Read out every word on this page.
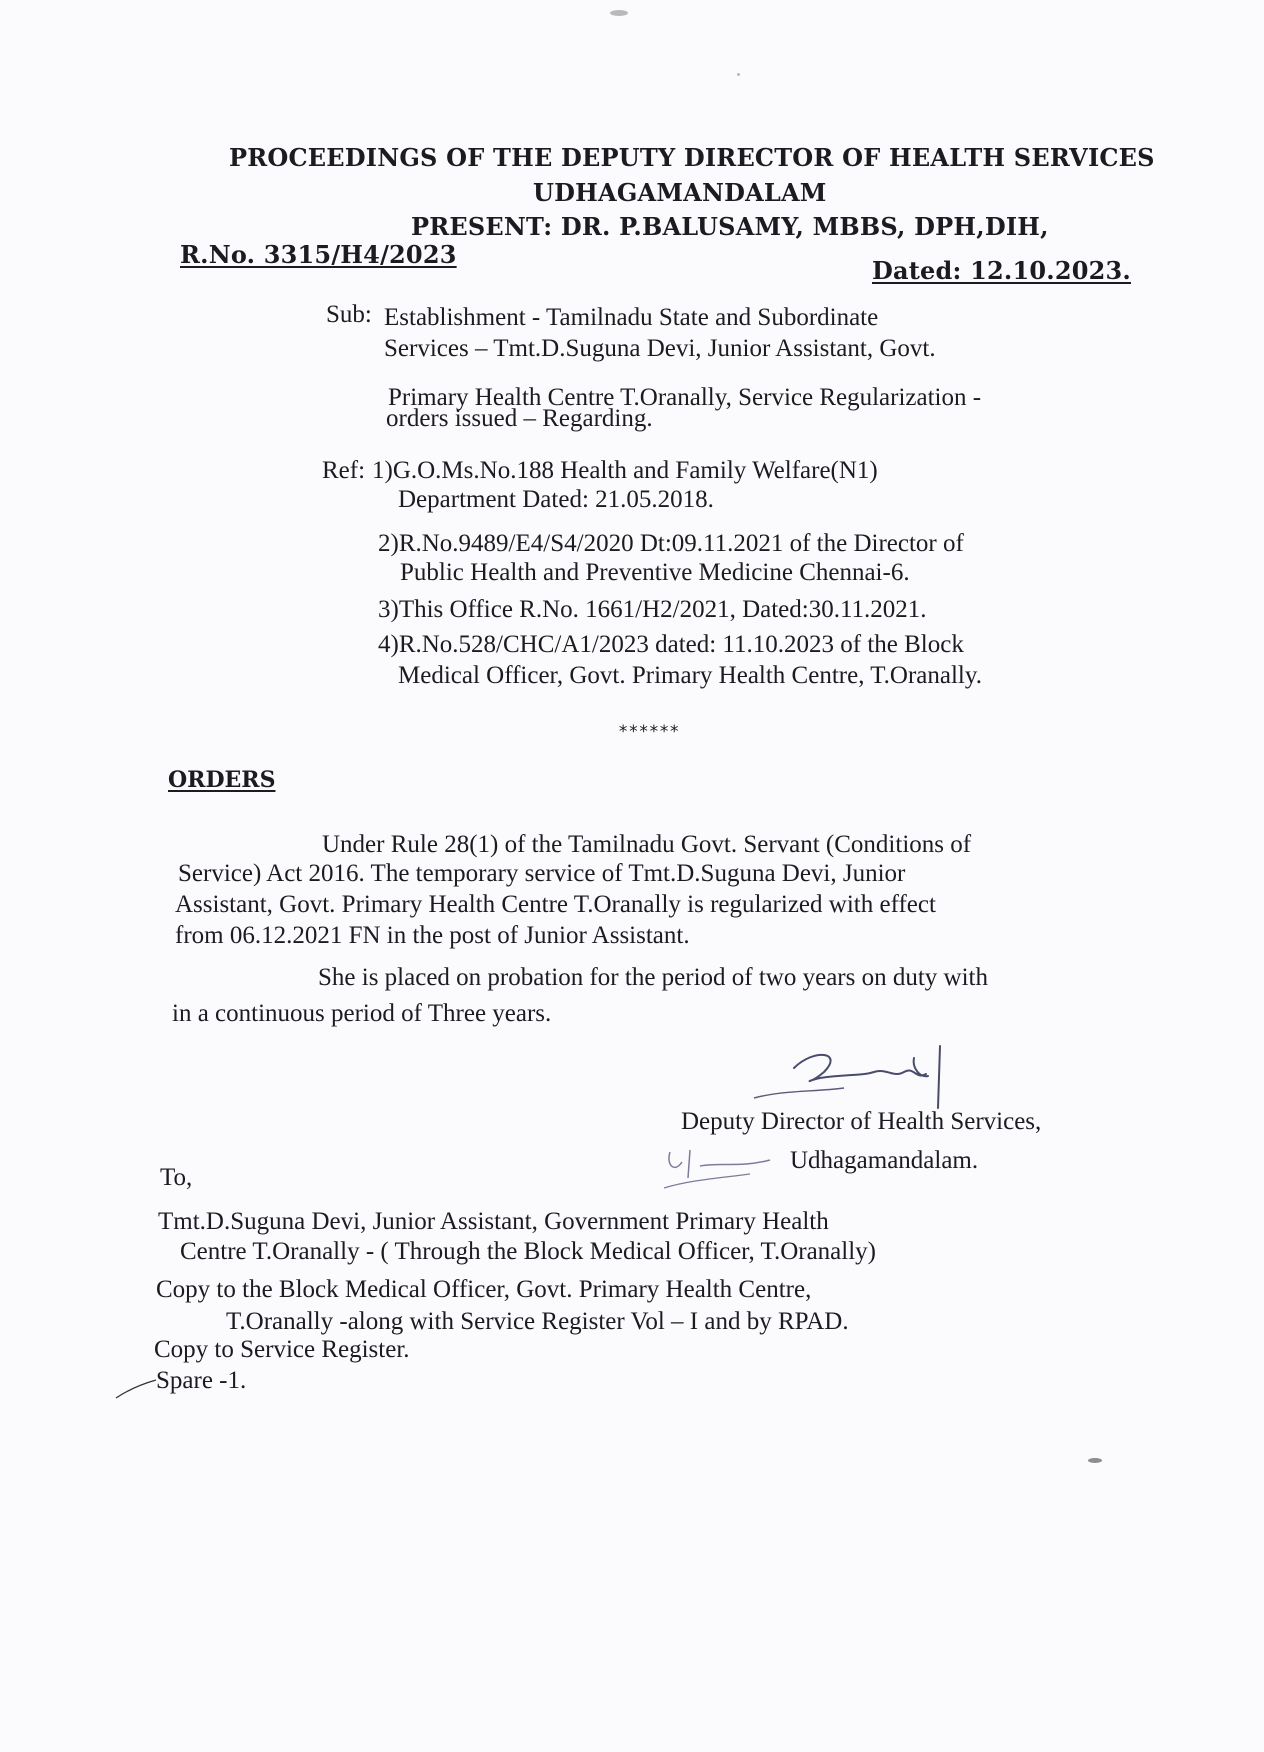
PROCEEDINGS OF THE DEPUTY DIRECTOR OF HEALTH SERVICES
UDHAGAMANDALAM
PRESENT: DR. P.BALUSAMY, MBBS, DPH,DIH,
R.No. 3315/H4/2023
Dated: 12.10.2023.
Sub: Establishment - Tamilnadu State and Subordinate
Services – Tmt.D.Suguna Devi, Junior Assistant, Govt.
Primary Health Centre T.Oranally, Service Regularization -
orders issued – Regarding.
Ref: 1)G.O.Ms.No.188 Health and Family Welfare(N1)
Department Dated: 21.05.2018.
2)R.No.9489/E4/S4/2020 Dt:09.11.2021 of the Director of
Public Health and Preventive Medicine Chennai-6.
3)This Office R.No. 1661/H2/2021, Dated:30.11.2021.
4)R.No.528/CHC/A1/2023 dated: 11.10.2023 of the Block
Medical Officer, Govt. Primary Health Centre, T.Oranally.
******
ORDERS
Under Rule 28(1) of the Tamilnadu Govt. Servant (Conditions of
Service) Act 2016. The temporary service of Tmt.D.Suguna Devi, Junior
Assistant, Govt. Primary Health Centre T.Oranally is regularized with effect
from 06.12.2021 FN in the post of Junior Assistant.
She is placed on probation for the period of two years on duty with
in a continuous period of Three years.
Deputy Director of Health Services,
Udhagamandalam.
To,
Tmt.D.Suguna Devi, Junior Assistant, Government Primary Health
Centre T.Oranally - ( Through the Block Medical Officer, T.Oranally)
Copy to the Block Medical Officer, Govt. Primary Health Centre,
T.Oranally -along with Service Register Vol – I and by RPAD.
Copy to Service Register.
Spare -1.
